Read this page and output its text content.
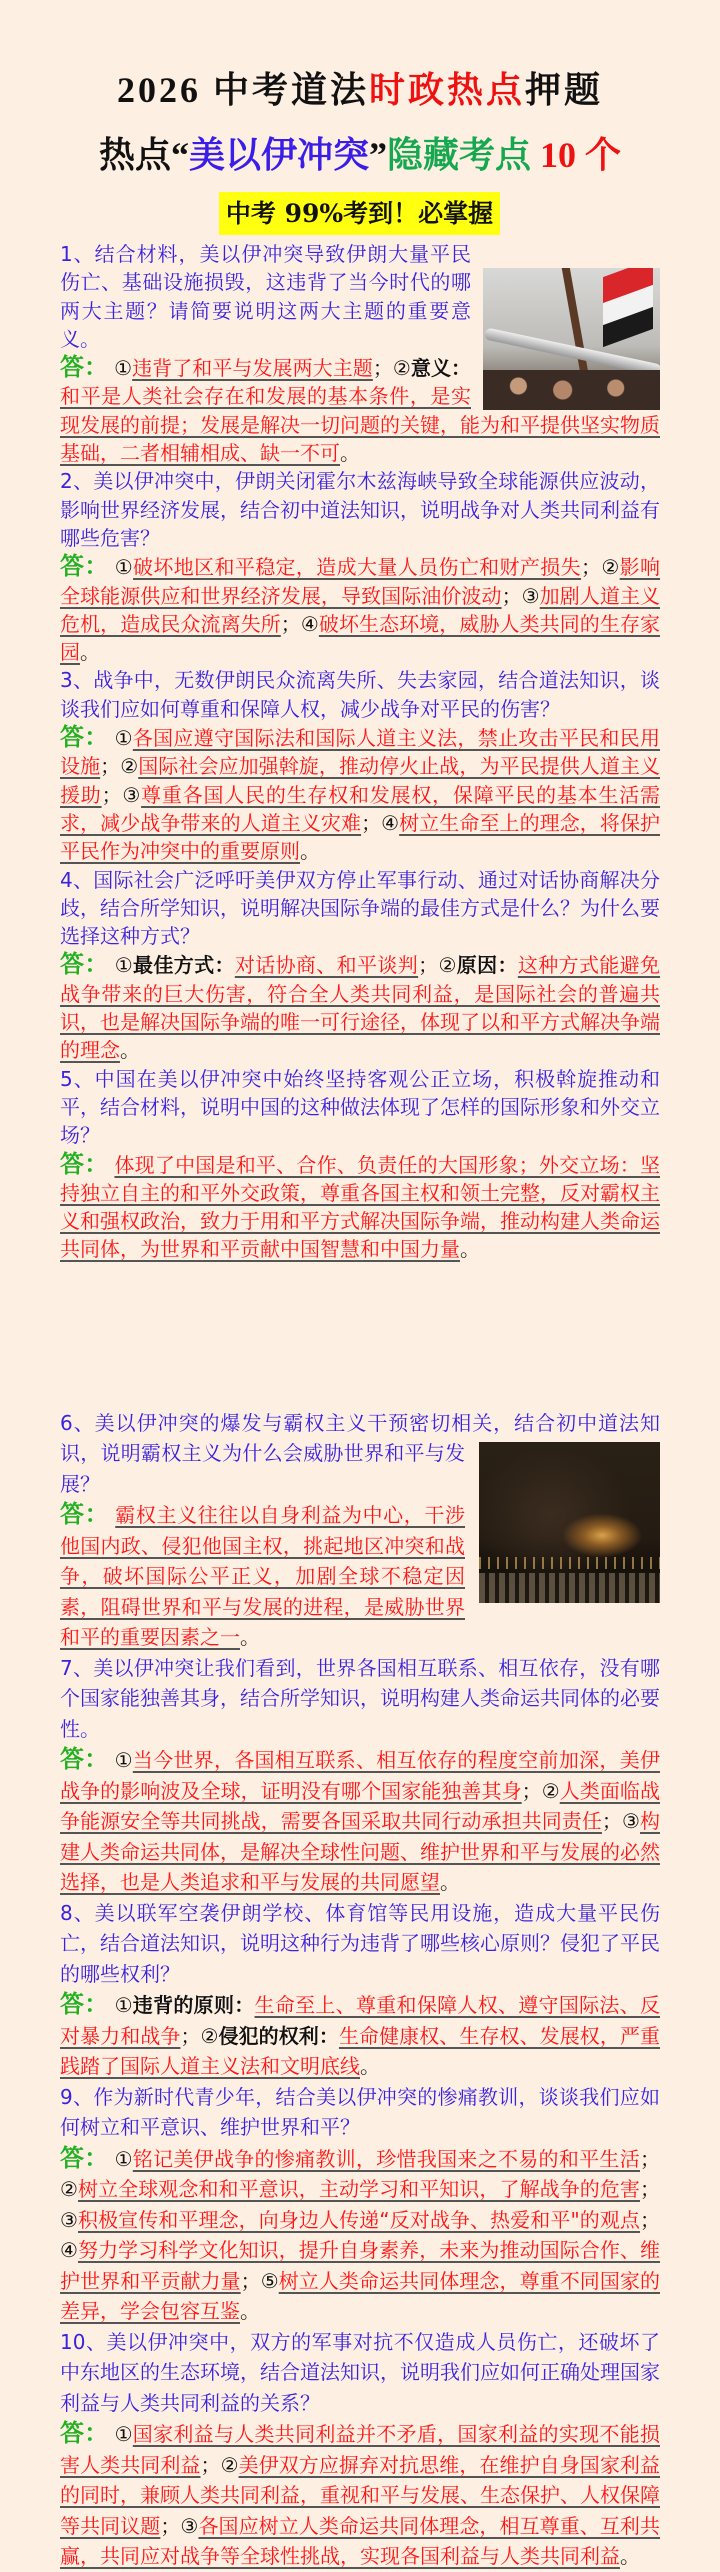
2026 中考道法时政热点押题
热点“美以伊冲突”隐藏考点 10 个
中考 99%考到！必掌握
1、结合材料，美以伊冲突导致伊朗大量平民伤亡、基础设施损毁，这违背了当今时代的哪两大主题？请简要说明这两大主题的重要意义。
答： ①违背了和平与发展两大主题；②意义：和平是人类社会存在和发展的基本条件，是实现发展的前提；发展是解决一切问题的关键，能为和平提供坚实物质基础，二者相辅相成、缺一不可。
2、美以伊冲突中，伊朗关闭霍尔木兹海峡导致全球能源供应波动，影响世界经济发展，结合初中道法知识，说明战争对人类共同利益有哪些危害？
答： ①破坏地区和平稳定，造成大量人员伤亡和财产损失；②影响全球能源供应和世界经济发展，导致国际油价波动；③加剧人道主义危机，造成民众流离失所；④破坏生态环境，威胁人类共同的生存家园。
3、战争中，无数伊朗民众流离失所、失去家园，结合道法知识，谈谈我们应如何尊重和保障人权，减少战争对平民的伤害？
答： ①各国应遵守国际法和国际人道主义法，禁止攻击平民和民用设施；②国际社会应加强斡旋，推动停火止战，为平民提供人道主义援助；③尊重各国人民的生存权和发展权，保障平民的基本生活需求，减少战争带来的人道主义灾难；④树立生命至上的理念，将保护平民作为冲突中的重要原则。
4、国际社会广泛呼吁美伊双方停止军事行动、通过对话协商解决分歧，结合所学知识，说明解决国际争端的最佳方式是什么？为什么要选择这种方式？
答： ①最佳方式：对话协商、和平谈判；②原因：这种方式能避免战争带来的巨大伤害，符合全人类共同利益，是国际社会的普遍共识，也是解决国际争端的唯一可行途径，体现了以和平方式解决争端的理念。
5、中国在美以伊冲突中始终坚持客观公正立场，积极斡旋推动和平，结合材料，说明中国的这种做法体现了怎样的国际形象和外交立场？
答： 体现了中国是和平、合作、负责任的大国形象；外交立场：坚持独立自主的和平外交政策，尊重各国主权和领土完整，反对霸权主义和强权政治，致力于用和平方式解决国际争端，推动构建人类命运共同体，为世界和平贡献中国智慧和中国力量。
6、美以伊冲突的爆发与霸权主义干预密切相关，结合初中道法知识，说明霸权主义为什么会威胁世界和平与发展？
答： 霸权主义往往以自身利益为中心，干涉他国内政、侵犯他国主权，挑起地区冲突和战争，破坏国际公平正义，加剧全球不稳定因素，阻碍世界和平与发展的进程，是威胁世界和平的重要因素之一。
7、美以伊冲突让我们看到，世界各国相互联系、相互依存，没有哪个国家能独善其身，结合所学知识，说明构建人类命运共同体的必要性。
答： ①当今世界，各国相互联系、相互依存的程度空前加深，美伊战争的影响波及全球，证明没有哪个国家能独善其身；②人类面临战争能源安全等共同挑战，需要各国采取共同行动承担共同责任；③构建人类命运共同体，是解决全球性问题、维护世界和平与发展的必然选择，也是人类追求和平与发展的共同愿望。
8、美以联军空袭伊朗学校、体育馆等民用设施，造成大量平民伤亡，结合道法知识，说明这种行为违背了哪些核心原则？侵犯了平民的哪些权利？
答： ①违背的原则：生命至上、尊重和保障人权、遵守国际法、反对暴力和战争；②侵犯的权利：生命健康权、生存权、发展权，严重践踏了国际人道主义法和文明底线。
9、作为新时代青少年，结合美以伊冲突的惨痛教训，谈谈我们应如何树立和平意识、维护世界和平？
答： ①铭记美伊战争的惨痛教训，珍惜我国来之不易的和平生活；②树立全球观念和和平意识，主动学习和平知识，了解战争的危害；③积极宣传和平理念，向身边人传递“反对战争、热爱和平"的观点；④努力学习科学文化知识，提升自身素养，未来为推动国际合作、维护世界和平贡献力量；⑤树立人类命运共同体理念，尊重不同国家的差异，学会包容互鉴。
10、美以伊冲突中，双方的军事对抗不仅造成人员伤亡，还破坏了中东地区的生态环境，结合道法知识，说明我们应如何正确处理国家利益与人类共同利益的关系？
答： ①国家利益与人类共同利益并不矛盾，国家利益的实现不能损害人类共同利益；②美伊双方应摒弃对抗思维，在维护自身国家利益的同时，兼顾人类共同利益，重视和平与发展、生态保护、人权保障等共同议题；③各国应树立人类命运共同体理念，相互尊重、互利共赢，共同应对战争等全球性挑战，实现各国利益与人类共同利益。
